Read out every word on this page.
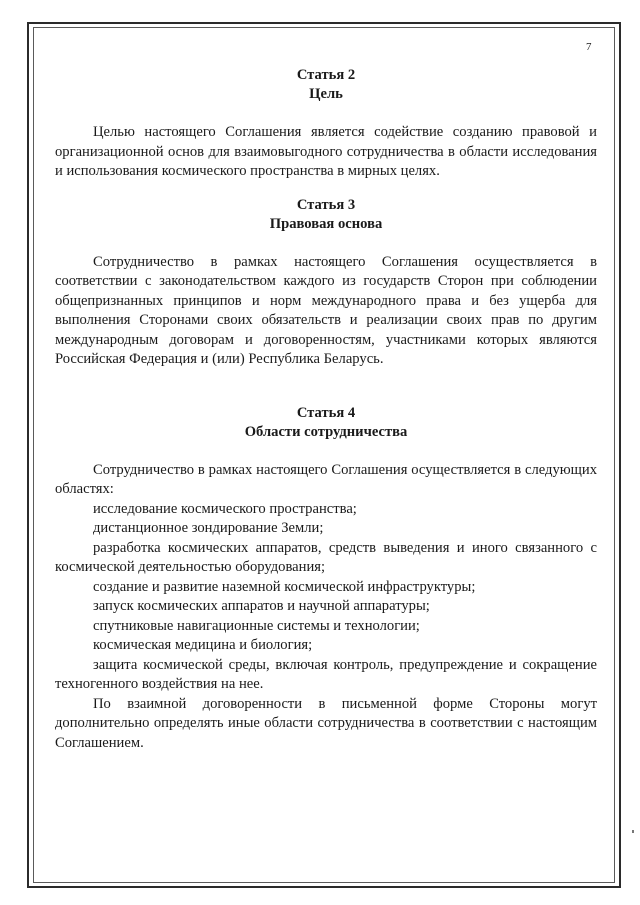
7
Статья 2
Цель

Целью настоящего Соглашения является содействие созданию правовой и организационной основ для взаимовыгодного сотрудничества в области исследования и использования космического пространства в мирных целях.

Статья 3
Правовая основа

Сотрудничество в рамках настоящего Соглашения осуществляется в соответствии с законодательством каждого из государств Сторон при соблюдении общепризнанных принципов и норм международного права и без ущерба для выполнения Сторонами своих обязательств и реализации своих прав по другим международным договорам и договоренностям, участниками которых являются Российская Федерация и (или) Республика Беларусь.

Статья 4
Области сотрудничества

Сотрудничество в рамках настоящего Соглашения осуществляется в следующих областях:

исследование космического пространства;

дистанционное зондирование Земли;

разработка космических аппаратов, средств выведения и иного связанного с космической деятельностью оборудования;

создание и развитие наземной космической инфраструктуры;

запуск космических аппаратов и научной аппаратуры;

спутниковые навигационные системы и технологии;

космическая медицина и биология;

защита космической среды, включая контроль, предупреждение и сокращение техногенного воздействия на нее.

По взаимной договоренности в письменной форме Стороны могут дополнительно определять иные области сотрудничества в соответствии с настоящим Соглашением.
